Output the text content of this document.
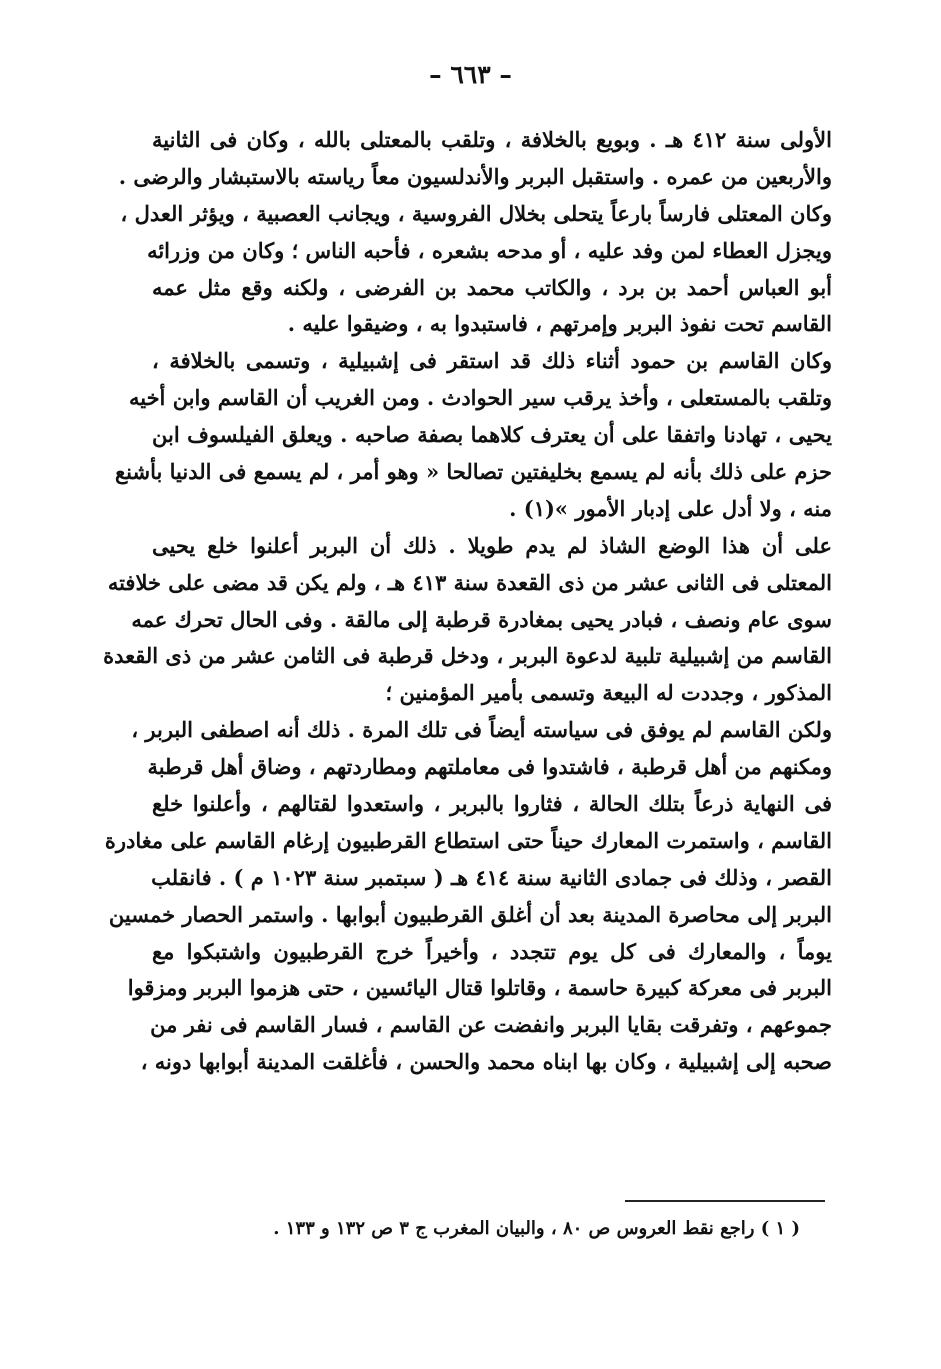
– ٦٦٣ –
الأولى سنة ٤١٢ هـ . وبويع بالخلافة ، وتلقب بالمعتلى بالله ، وكان فى الثانية
والأربعين من عمره . واستقبل البربر والأندلسيون معاً رياسته بالاستبشار والرضى .
وكان المعتلى فارساً بارعاً يتحلى بخلال الفروسية ، ويجانب العصبية ، ويؤثر العدل ،
ويجزل العطاء لمن وفد عليه ، أو مدحه بشعره ، فأحبه الناس ؛ وكان من وزرائه
أبو العباس أحمد بن برد ، والكاتب محمد بن الفرضى ، ولكنه وقع مثل عمه
القاسم تحت نفوذ البربر وإمرتهم ، فاستبدوا به ، وضيقوا عليه .
وكان القاسم بن حمود أثناء ذلك قد استقر فى إشبيلية ، وتسمى بالخلافة ،
وتلقب بالمستعلى ، وأخذ يرقب سير الحوادث . ومن الغريب أن القاسم وابن أخيه
يحيى ، تهادنا واتفقا على أن يعترف كلاهما بصفة صاحبه . ويعلق الفيلسوف ابن
حزم على ذلك بأنه لم يسمع بخليفتين تصالحا « وهو أمر ، لم يسمع فى الدنيا بأشنع
منه ، ولا أدل على إدبار الأمور »(١) .
على أن هذا الوضع الشاذ لم يدم طويلا . ذلك أن البربر أعلنوا خلع يحيى
المعتلى فى الثانى عشر من ذى القعدة سنة ٤١٣ هـ ، ولم يكن قد مضى على خلافته
سوى عام ونصف ، فبادر يحيى بمغادرة قرطبة إلى مالقة . وفى الحال تحرك عمه
القاسم من إشبيلية تلبية لدعوة البربر ، ودخل قرطبة فى الثامن عشر من ذى القعدة
المذكور ، وجددت له البيعة وتسمى بأمير المؤمنين ؛
ولكن القاسم لم يوفق فى سياسته أيضاً فى تلك المرة . ذلك أنه اصطفى البربر ،
ومكنهم من أهل قرطبة ، فاشتدوا فى معاملتهم ومطاردتهم ، وضاق أهل قرطبة
فى النهاية ذرعاً بتلك الحالة ، فثاروا بالبربر ، واستعدوا لقتالهم ، وأعلنوا خلع
القاسم ، واستمرت المعارك حيناً حتى استطاع القرطبيون إرغام القاسم على مغادرة
القصر ، وذلك فى جمادى الثانية سنة ٤١٤ هـ ( سبتمبر سنة ١٠٢٣ م ) . فانقلب
البربر إلى محاصرة المدينة بعد أن أغلق القرطبيون أبوابها . واستمر الحصار خمسين
يوماً ، والمعارك فى كل يوم تتجدد ، وأخيراً خرج القرطبيون واشتبكوا مع
البربر فى معركة كبيرة حاسمة ، وقاتلوا قتال اليائسين ، حتى هزموا البربر ومزقوا
جموعهم ، وتفرقت بقايا البربر وانفضت عن القاسم ، فسار القاسم فى نفر من
صحبه إلى إشبيلية ، وكان بها ابناه محمد والحسن ، فأغلقت المدينة أبوابها دونه ،
( ١ ) راجع نقط العروس ص ٨٠ ، والبيان المغرب ج ٣ ص ١٣٢ و ١٣٣ .
